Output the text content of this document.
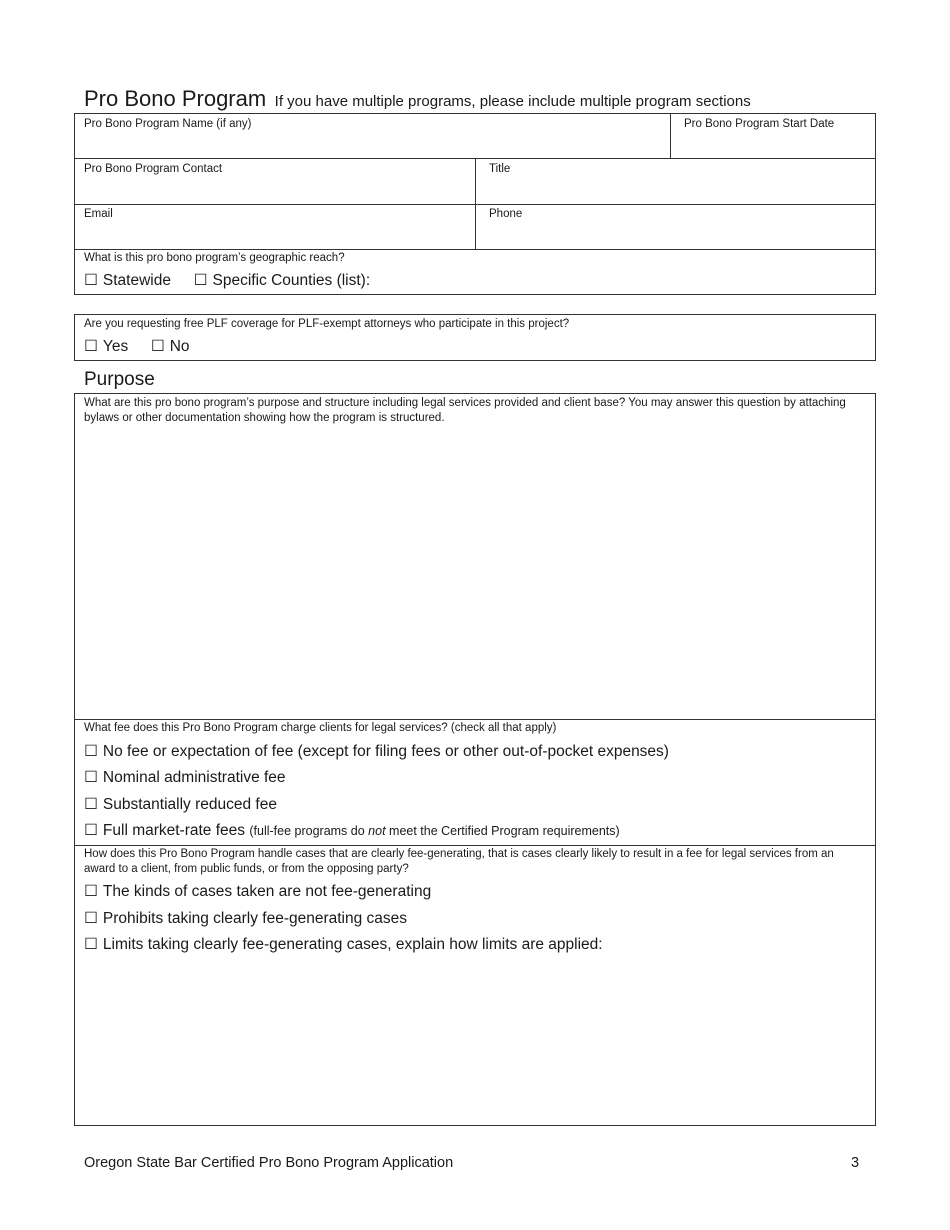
Pro Bono Program If you have multiple programs, please include multiple program sections
Pro Bono Program Name (if any)	Pro Bono Program Start Date
Pro Bono Program Contact	Title
Email	Phone
What is this pro bono program’s geographic reach?
☐ Statewide ☐ Specific Counties (list):
Are you requesting free PLF coverage for PLF-exempt attorneys who participate in this project?
☐ Yes ☐ No
Purpose
What are this pro bono program’s purpose and structure including legal services provided and client base? You may answer this question by attaching bylaws or other documentation showing how the program is structured.
What fee does this Pro Bono Program charge clients for legal services? (check all that apply)
☐ No fee or expectation of fee (except for filing fees or other out-of-pocket expenses)
☐ Nominal administrative fee
☐ Substantially reduced fee
☐ Full market-rate fees (full-fee programs do not meet the Certified Program requirements)
How does this Pro Bono Program handle cases that are clearly fee-generating, that is cases clearly likely to result in a fee for legal services from an award to a client, from public funds, or from the opposing party?
☐ The kinds of cases taken are not fee-generating
☐ Prohibits taking clearly fee-generating cases
☐ Limits taking clearly fee-generating cases, explain how limits are applied:
Oregon State Bar Certified Pro Bono Program Application	3
